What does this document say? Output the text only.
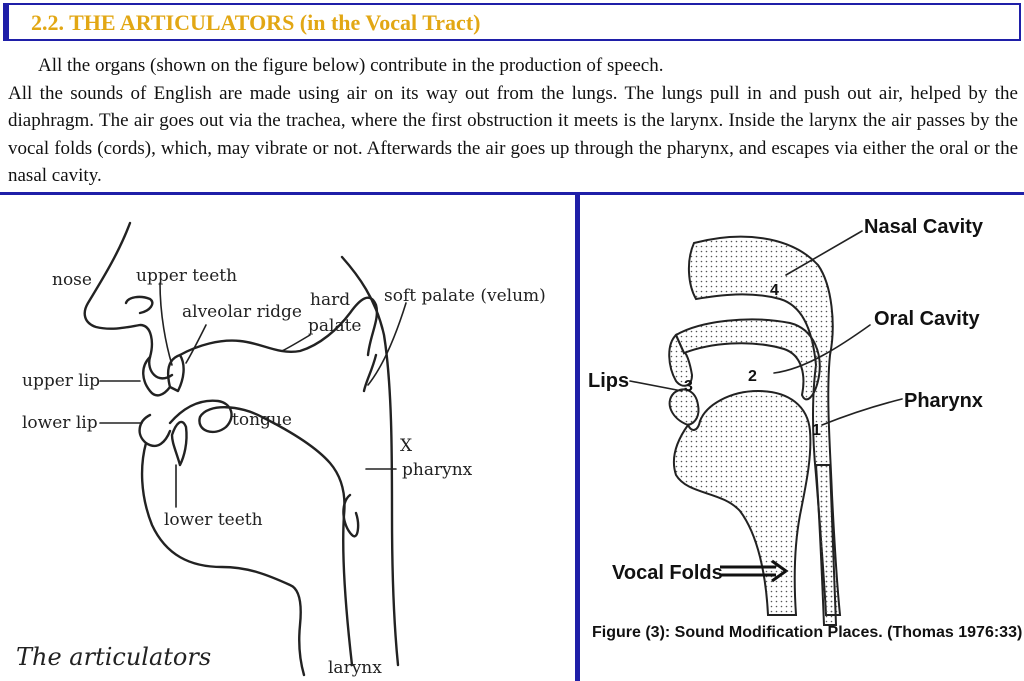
2.2. THE ARTICULATORS (in the Vocal Tract)
All the organs (shown on the figure below) contribute in the production of speech.
All the sounds of English are made using air on its way out from the lungs. The lungs pull in and push out air, helped by the diaphragm. The air goes out via the trachea, where the first obstruction it meets is the larynx. Inside the larynx the air passes by the vocal folds (cords), which, may vibrate or not. Afterwards the air goes up through the pharynx, and escapes via either the oral or the nasal cavity.
nose	upper teeth
alveolar ridge
hard
palate
soft palate (velum)
upper lip
lower lip	tongue
X
pharynx
lower teeth
larynx
The articulators
Nasal Cavity
Oral Cavity
Pharynx
Lips
Vocal Folds
4
2
1
3
Figure (3): Sound Modification Places. (Thomas 1976:33)
